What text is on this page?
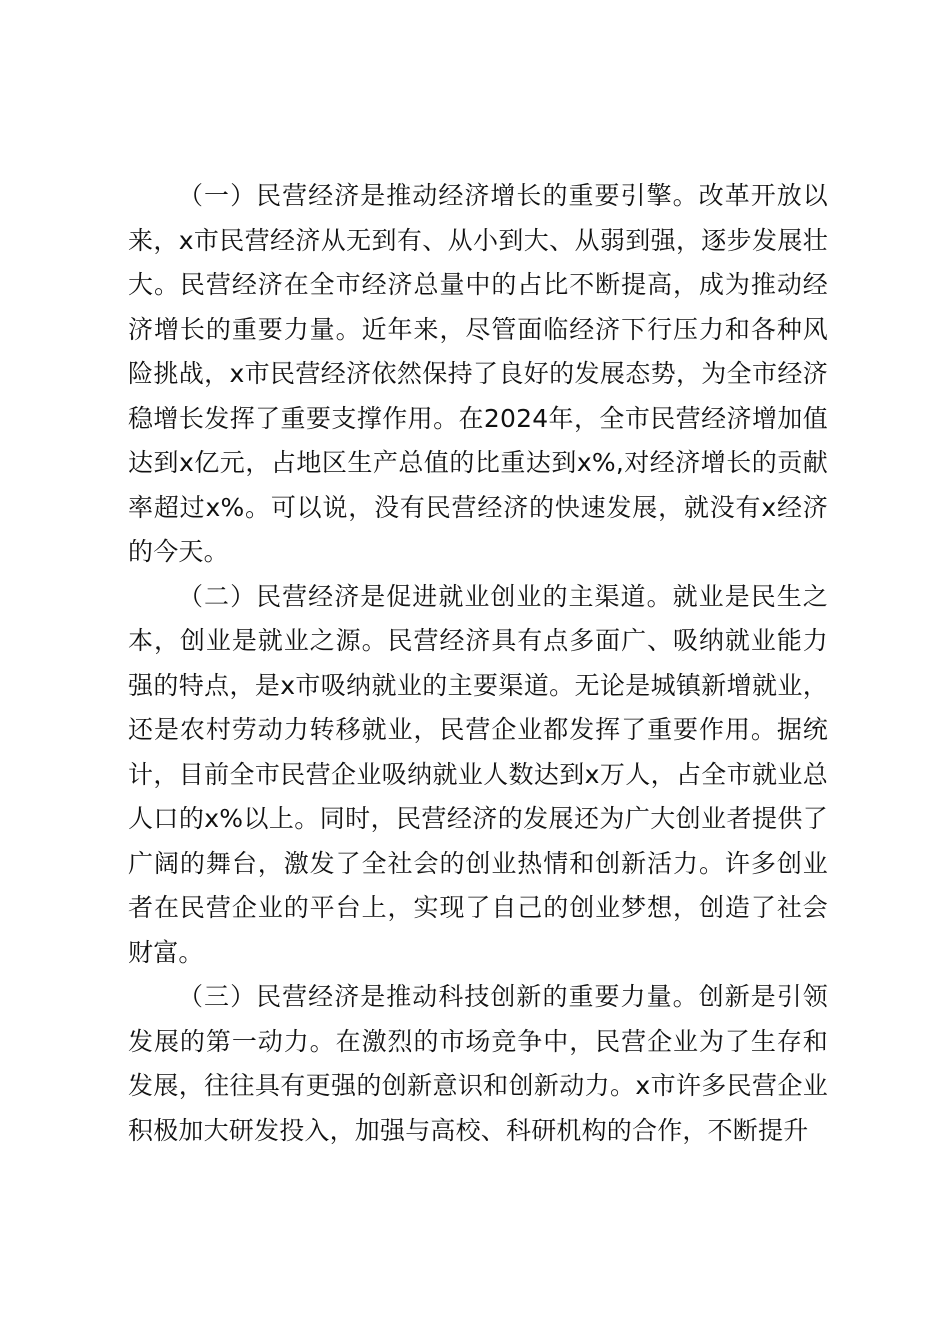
（一）民营经济是推动经济增长的重要引擎。改革开放以来，x市民营经济从无到有、从小到大、从弱到强，逐步发展壮大。民营经济在全市经济总量中的占比不断提高，成为推动经济增长的重要力量。近年来，尽管面临经济下行压力和各种风险挑战，x市民营经济依然保持了良好的发展态势，为全市经济稳增长发挥了重要支撑作用。在2024年，全市民营经济增加值达到x亿元，占地区生产总值的比重达到x%,对经济增长的贡献率超过x%。可以说，没有民营经济的快速发展，就没有x经济的今天。

（二）民营经济是促进就业创业的主渠道。就业是民生之本，创业是就业之源。民营经济具有点多面广、吸纳就业能力强的特点，是x市吸纳就业的主要渠道。无论是城镇新增就业，还是农村劳动力转移就业，民营企业都发挥了重要作用。据统计，目前全市民营企业吸纳就业人数达到x万人，占全市就业总人口的x%以上。同时，民营经济的发展还为广大创业者提供了广阔的舞台，激发了全社会的创业热情和创新活力。许多创业者在民营企业的平台上，实现了自己的创业梦想，创造了社会财富。

（三）民营经济是推动科技创新的重要力量。创新是引领发展的第一动力。在激烈的市场竞争中，民营企业为了生存和发展，往往具有更强的创新意识和创新动力。x市许多民营企业积极加大研发投入，加强与高校、科研机构的合作，不断提升
